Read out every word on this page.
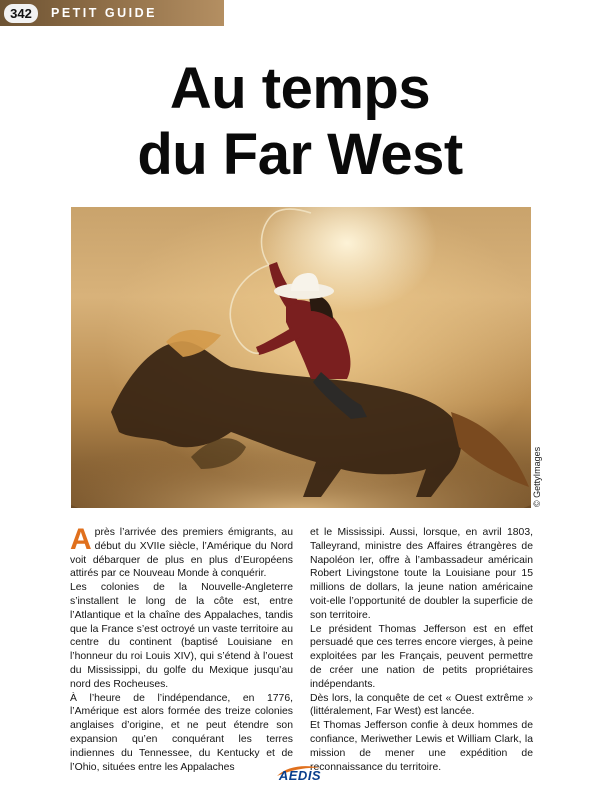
342	PETIT GUIDE
Au temps
du Far West
© GettyImages

Après l’arrivée des premiers émigrants, au début du XVIIe siècle, l’Amérique du Nord voit débarquer de plus en plus d’Européens attirés par ce Nouveau Monde à conquérir.

Les colonies de la Nouvelle-Angleterre s’installent le long de la côte est, entre l’Atlantique et la chaîne des Appalaches, tandis que la France s’est octroyé un vaste territoire au centre du continent (baptisé Louisiane en l’honneur du roi Louis XIV), qui s’étend à l’ouest du Mississippi, du golfe du Mexique jusqu’au nord des Rocheuses.

À l’heure de l’indépendance, en 1776, l’Amérique est alors formée des treize colonies anglaises d’origine, et ne peut étendre son expansion qu’en conquérant les terres indiennes du Tennessee, du Kentucky et de l’Ohio, situées entre les Appalaches

et le Mississipi. Aussi, lorsque, en avril 1803, Talleyrand, ministre des Affaires étrangères de Napoléon Ier, offre à l’ambassadeur américain Robert Livingstone toute la Louisiane pour 15 millions de dollars, la jeune nation américaine voit-elle l’opportunité de doubler la superficie de son territoire.

Le président Thomas Jefferson est en effet persuadé que ces terres encore vierges, à peine exploitées par les Français, peuvent permettre de créer une nation de petits propriétaires indépendants.

Dès lors, la conquête de cet « Ouest extrême » (littéralement, Far West) est lancée.

Et Thomas Jefferson confie à deux hommes de confiance, Meriwether Lewis et William Clark, la mission de mener une expédition de reconnaissance du territoire.

AEDIS
